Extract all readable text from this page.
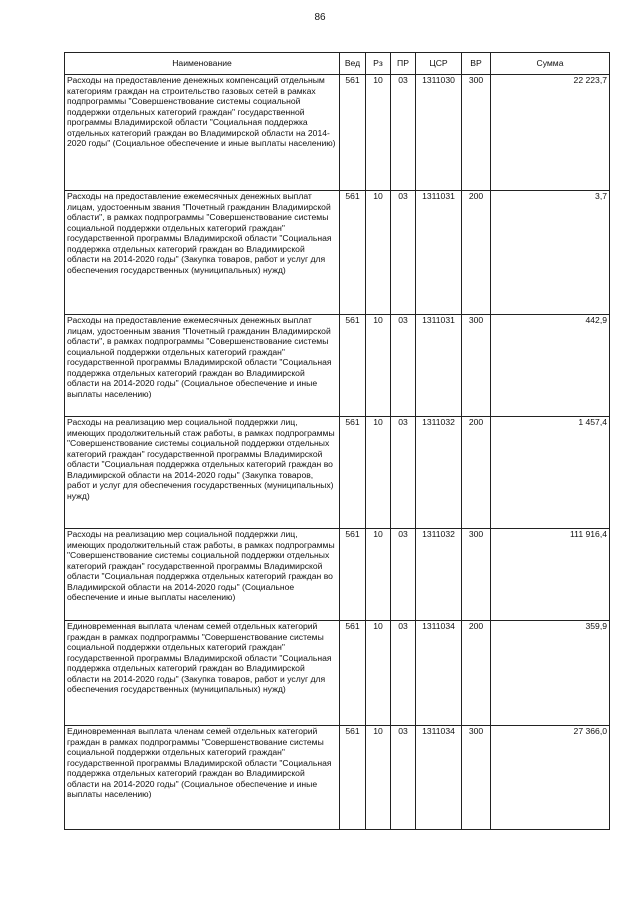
86
Наименование	Вед	Рз	ПР	ЦСР	ВР	Сумма
Расходы на предоставление денежных компенсаций отдельным категориям граждан на строительство газовых сетей в рамках подпрограммы "Совершенствование системы социальной поддержки отдельных категорий граждан" государственной программы Владимирской области "Социальная поддержка отдельных категорий граждан во Владимирской области на 2014-2020 годы" (Социальное обеспечение и иные выплаты населению)	561	10	03	1311030	300	22 223,7
Расходы на предоставление ежемесячных денежных выплат лицам, удостоенным звания "Почетный гражданин Владимирской области", в рамках подпрограммы "Совершенствование системы социальной поддержки отдельных категорий граждан" государственной программы Владимирской области "Социальная поддержка отдельных категорий граждан во Владимирской области на 2014-2020 годы" (Закупка товаров, работ и услуг для обеспечения государственных (муниципальных) нужд)	561	10	03	1311031	200	3,7
Расходы на предоставление ежемесячных денежных выплат лицам, удостоенным звания "Почетный гражданин Владимирской области", в рамках подпрограммы "Совершенствование системы социальной поддержки отдельных категорий граждан" государственной программы Владимирской области "Социальная поддержка отдельных категорий граждан во Владимирской области на 2014-2020 годы" (Социальное обеспечение и иные выплаты населению)	561	10	03	1311031	300	442,9
Расходы на реализацию мер социальной поддержки лиц, имеющих продолжительный стаж работы, в рамках подпрограммы "Совершенствование системы социальной поддержки отдельных категорий граждан" государственной программы Владимирской области "Социальная поддержка отдельных категорий граждан во Владимирской области на 2014-2020 годы" (Закупка товаров, работ и услуг для обеспечения государственных (муниципальных) нужд)	561	10	03	1311032	200	1 457,4
Расходы на реализацию мер социальной поддержки лиц, имеющих продолжительный стаж работы, в рамках подпрограммы "Совершенствование системы социальной поддержки отдельных категорий граждан" государственной программы Владимирской области "Социальная поддержка отдельных категорий граждан во Владимирской области на 2014-2020 годы" (Социальное обеспечение и иные выплаты населению)	561	10	03	1311032	300	111 916,4
Единовременная выплата членам семей отдельных категорий граждан в рамках подпрограммы "Совершенствование системы социальной поддержки отдельных категорий граждан" государственной программы Владимирской области "Социальная поддержка отдельных категорий граждан во Владимирской области на 2014-2020 годы" (Закупка товаров, работ и услуг для обеспечения государственных (муниципальных) нужд)	561	10	03	1311034	200	359,9
Единовременная выплата членам семей отдельных категорий граждан в рамках подпрограммы "Совершенствование системы социальной поддержки отдельных категорий граждан" государственной программы Владимирской области "Социальная поддержка отдельных категорий граждан во Владимирской области на 2014-2020 годы" (Социальное обеспечение и иные выплаты населению)	561	10	03	1311034	300	27 366,0
